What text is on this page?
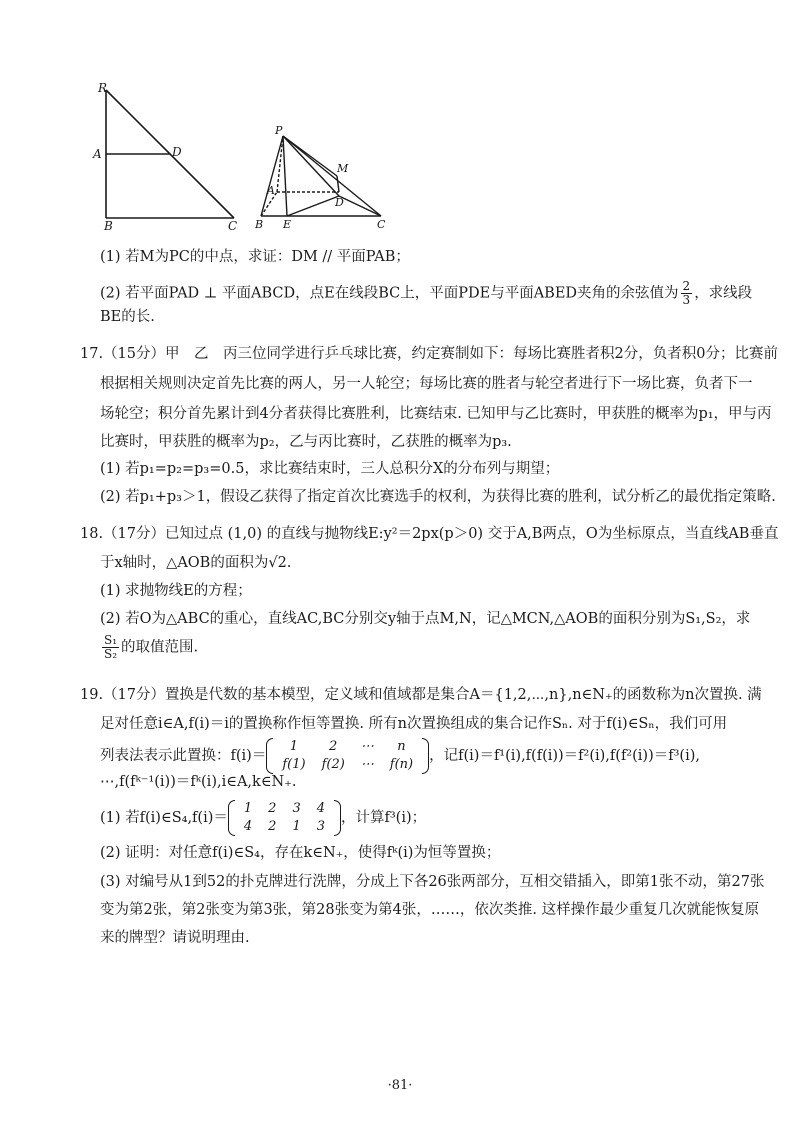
R
A	D
B	C
P
M
A
D
B E	C
(1) 若M为PC的中点，求证：DM // 平面PAB；
(2) 若平面PAD ⊥ 平面ABCD，点E在线段BC上，平面PDE与平面ABED夹角的余弦值为 $\frac{2}{3}$ ，求线段
BE的长.
17.（15分）甲　乙　丙三位同学进行乒乓球比赛，约定赛制如下：每场比赛胜者积2分，负者积0分；比赛前
根据相关规则决定首先比赛的两人，另一人轮空；每场比赛的胜者与轮空者进行下一场比赛，负者下一
场轮空；积分首先累计到4分者获得比赛胜利，比赛结束. 已知甲与乙比赛时，甲获胜的概率为p₁，甲与丙
比赛时，甲获胜的概率为p₂，乙与丙比赛时，乙获胜的概率为p₃.
(1) 若p₁=p₂=p₃=0.5，求比赛结束时，三人总积分X的分布列与期望；
(2) 若p₁+p₃＞1，假设乙获得了指定首次比赛选手的权利，为获得比赛的胜利，试分析乙的最优指定策略.
18.（17分）已知过点 (1,0) 的直线与抛物线E:y²＝2px(p＞0) 交于A,B两点，O为坐标原点，当直线AB垂直
于x轴时，△AOB的面积为√2.
(1) 求抛物线E的方程；
(2) 若O为△ABC的重心，直线AC,BC分别交y轴于点M,N，记△MCN,△AOB的面积分别为S₁,S₂，求
$\frac{\text{S₁}}{\text{S₂}}$ 的取值范围.
19.（17分）置换是代数的基本模型，定义域和值域都是集合A＝{1,2,⋯,n},n∈N₊的函数称为n次置换. 满
足对任意i∈A,f(i)＝i的置换称作恒等置换. 所有n次置换组成的集合记作Sₙ. 对于f(i)∈Sₙ，我们可用
列表法表示此置换：f(i)＝
1	2	⋯	n
f(1)	f(2)	⋯	f(n)
，记f(i)＝f¹(i),f(f(i))＝f²(i),f(f²(i))＝f³(i),
⋯,f(fᵏ⁻¹(i))＝fᵏ(i),i∈A,k∈N₊.
(1) 若f(i)∈S₄,f(i)＝
1	2	3	4
4	2	1	3
，计算f³(i)；
(2) 证明：对任意f(i)∈S₄，存在k∈N₊，使得fᵏ(i)为恒等置换；
(3) 对编号从1到52的扑克牌进行洗牌，分成上下各26张两部分，互相交错插入，即第1张不动，第27张
变为第2张，第2张变为第3张，第28张变为第4张，……，依次类推. 这样操作最少重复几次就能恢复原
来的牌型？请说明理由.
·81·
